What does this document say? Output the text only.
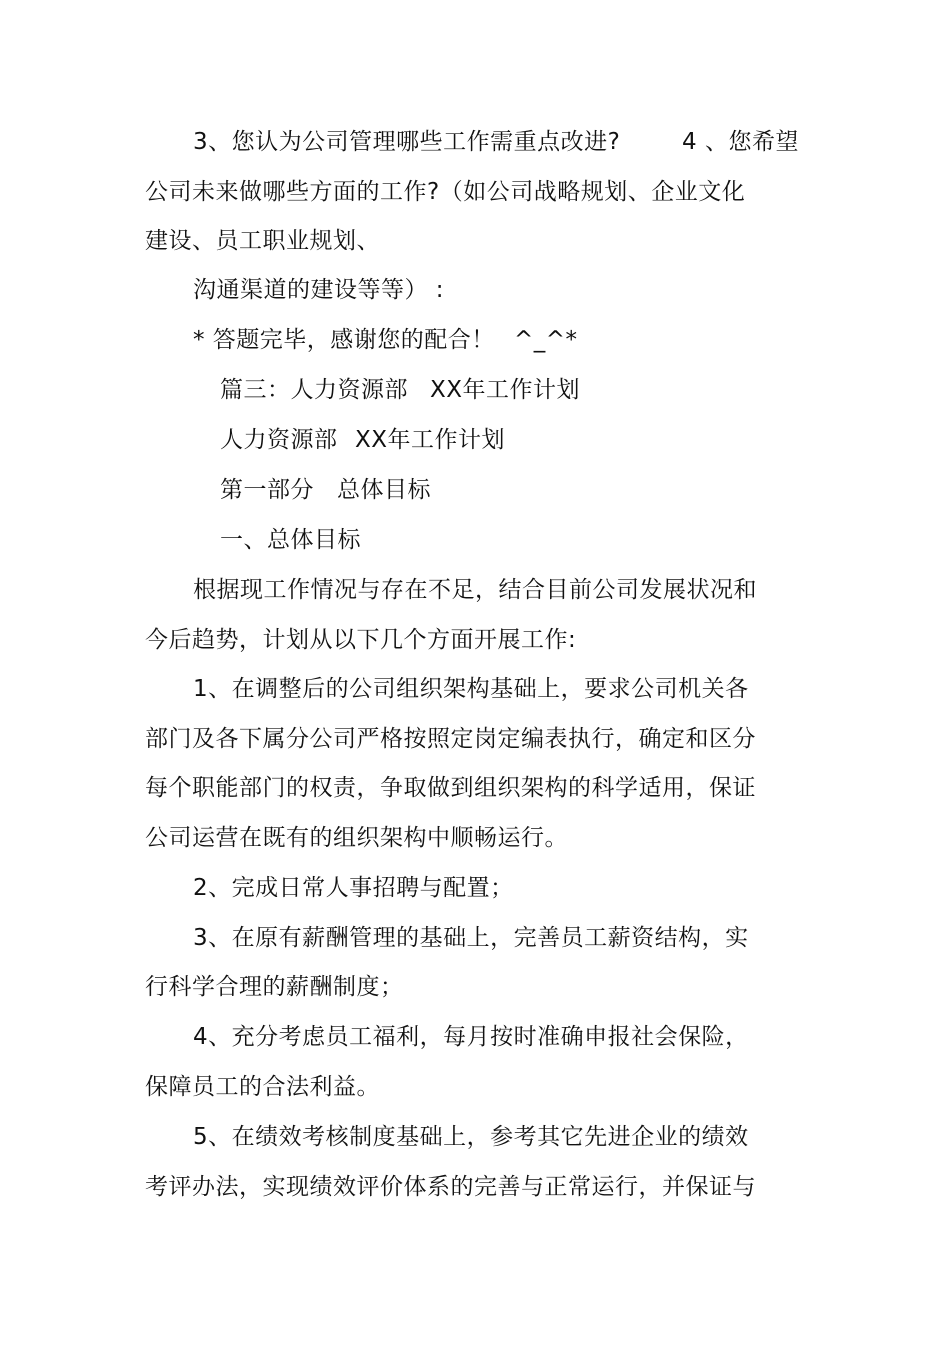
3、您认为公司管理哪些工作需重点改进?	4 、您希望
公司未来做哪些方面的工作?（如公司战略规划、企业文化
建设、员工职业规划、
沟通渠道的建设等等） :
* 答题完毕，感谢您的配合！ ^_^*
篇三：人力资源部 XX年工作计划
人力资源部 XX年工作计划
第一部分 总体目标
一、总体目标
根据现工作情况与存在不足，结合目前公司发展状况和
今后趋势，计划从以下几个方面开展工作:
1、在调整后的公司组织架构基础上，要求公司机关各
部门及各下属分公司严格按照定岗定编表执行，确定和区分
每个职能部门的权责，争取做到组织架构的科学适用，保证
公司运营在既有的组织架构中顺畅运行。
2、完成日常人事招聘与配置；
3、在原有薪酬管理的基础上，完善员工薪资结构，实
行科学合理的薪酬制度；
4、充分考虑员工福利，每月按时准确申报社会保险，
保障员工的合法利益。
5、在绩效考核制度基础上，参考其它先进企业的绩效
考评办法，实现绩效评价体系的完善与正常运行，并保证与
